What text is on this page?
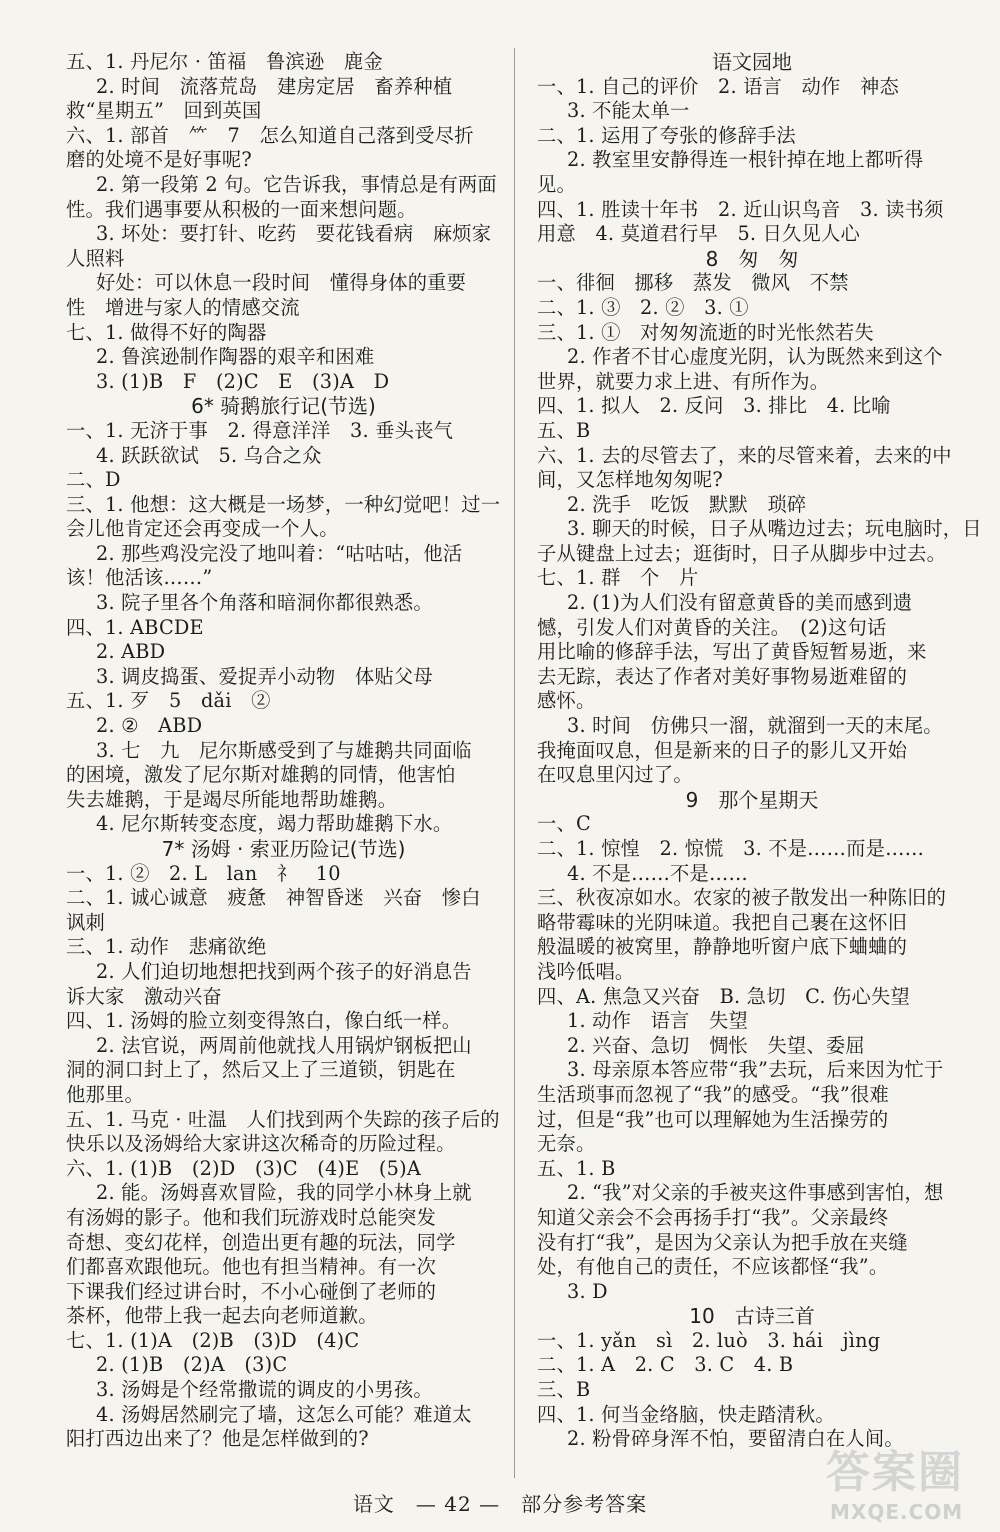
五、1. 丹尼尔 · 笛福　鲁滨逊　鹿金
2. 时间　流落荒岛　建房定居　畜养种植
救“星期五”　回到英国
六、1. 部首　⺮　7　怎么知道自己落到受尽折
磨的处境不是好事呢?
2. 第一段第 2 句。它告诉我，事情总是有两面
性。我们遇事要从积极的一面来想问题。
3. 坏处：要打针、吃药　要花钱看病　麻烦家
人照料
好处：可以休息一段时间　懂得身体的重要
性　增进与家人的情感交流
七、1. 做得不好的陶器
2. 鲁滨逊制作陶器的艰辛和困难
3. (1)B　F　(2)C　E　(3)A　D
6* 骑鹅旅行记(节选)
一、1. 无济于事　2. 得意洋洋　3. 垂头丧气
4. 跃跃欲试　5. 乌合之众
二、D
三、1. 他想：这大概是一场梦，一种幻觉吧！过一
会儿他肯定还会再变成一个人。
2. 那些鸡没完没了地叫着：“咕咕咕，他活
该！他活该……”
3. 院子里各个角落和暗洞你都很熟悉。
四、1. ABCDE
2. ABD
3. 调皮捣蛋、爱捉弄小动物　体贴父母
五、1. 歹　5　dǎi　②
2. ②　ABD
3. 七　九　尼尔斯感受到了与雄鹅共同面临
的困境，激发了尼尔斯对雄鹅的同情，他害怕
失去雄鹅，于是竭尽所能地帮助雄鹅。
4. 尼尔斯转变态度，竭力帮助雄鹅下水。
7* 汤姆 · 索亚历险记(节选)
一、1. ②　2. L　lan　礻　10
二、1. 诚心诚意　疲惫　神智昏迷　兴奋　惨白
讽刺
三、1. 动作　悲痛欲绝
2. 人们迫切地想把找到两个孩子的好消息告
诉大家　激动兴奋
四、1. 汤姆的脸立刻变得煞白，像白纸一样。
2. 法官说，两周前他就找人用锅炉钢板把山
洞的洞口封上了，然后又上了三道锁，钥匙在
他那里。
五、1. 马克 · 吐温　人们找到两个失踪的孩子后的
快乐以及汤姆给大家讲这次稀奇的历险过程。
六、1. (1)B　(2)D　(3)C　(4)E　(5)A
2. 能。汤姆喜欢冒险，我的同学小林身上就
有汤姆的影子。他和我们玩游戏时总能突发
奇想、变幻花样，创造出更有趣的玩法，同学
们都喜欢跟他玩。他也有担当精神。有一次
下课我们经过讲台时，不小心碰倒了老师的
茶杯，他带上我一起去向老师道歉。
七、1. (1)A　(2)B　(3)D　(4)C
2. (1)B　(2)A　(3)C
3. 汤姆是个经常撒谎的调皮的小男孩。
4. 汤姆居然刷完了墙，这怎么可能？难道太
阳打西边出来了？他是怎样做到的?
语文园地
一、1. 自己的评价　2. 语言　动作　神态
3. 不能太单一
二、1. 运用了夸张的修辞手法
2. 教室里安静得连一根针掉在地上都听得
见。
四、1. 胜读十年书　2. 近山识鸟音　3. 读书须
用意　4. 莫道君行早　5. 日久见人心
8　匆　匆
一、徘徊　挪移　蒸发　微风　不禁
二、1. ③　2. ②　3. ①
三、1. ①　对匆匆流逝的时光怅然若失
2. 作者不甘心虚度光阴，认为既然来到这个
世界，就要力求上进、有所作为。
四、1. 拟人　2. 反问　3. 排比　4. 比喻
五、B
六、1. 去的尽管去了，来的尽管来着，去来的中
间，又怎样地匆匆呢?
2. 洗手　吃饭　默默　琐碎
3. 聊天的时候，日子从嘴边过去；玩电脑时，日
子从键盘上过去；逛街时，日子从脚步中过去。
七、1. 群　个　片
2. (1)为人们没有留意黄昏的美而感到遗
憾，引发人们对黄昏的关注。　(2)这句话
用比喻的修辞手法，写出了黄昏短暂易逝，来
去无踪，表达了作者对美好事物易逝难留的
感怀。
3. 时间　仿佛只一溜，就溜到一天的末尾。
我掩面叹息，但是新来的日子的影儿又开始
在叹息里闪过了。
9　那个星期天
一、C
二、1. 惊惶　2. 惊慌　3. 不是……而是……
4. 不是……不是……
三、秋夜凉如水。农家的被子散发出一种陈旧的
略带霉味的光阴味道。我把自己裹在这怀旧
般温暖的被窝里，静静地听窗户底下蛐蛐的
浅吟低唱。
四、A. 焦急又兴奋　B. 急切　C. 伤心失望
1. 动作　语言　失望
2. 兴奋、急切　惆怅　失望、委屈
3. 母亲原本答应带“我”去玩，后来因为忙于
生活琐事而忽视了“我”的感受。“我”很难
过，但是“我”也可以理解她为生活操劳的
无奈。
五、1. B
2. “我”对父亲的手被夹这件事感到害怕，想
知道父亲会不会再扬手打“我”。父亲最终
没有打“我”，是因为父亲认为把手放在夹缝
处，有他自己的责任，不应该都怪“我”。
3. D
10　古诗三首
一、1. yǎn　sì　2. luò　3. hái　jìng
二、1. A　2. C　3. C　4. B
三、B
四、1. 何当金络脑，快走踏清秋。
2. 粉骨碎身浑不怕，要留清白在人间。
语文　— 42 —　部分参考答案
答案圈
MXQE.COM
